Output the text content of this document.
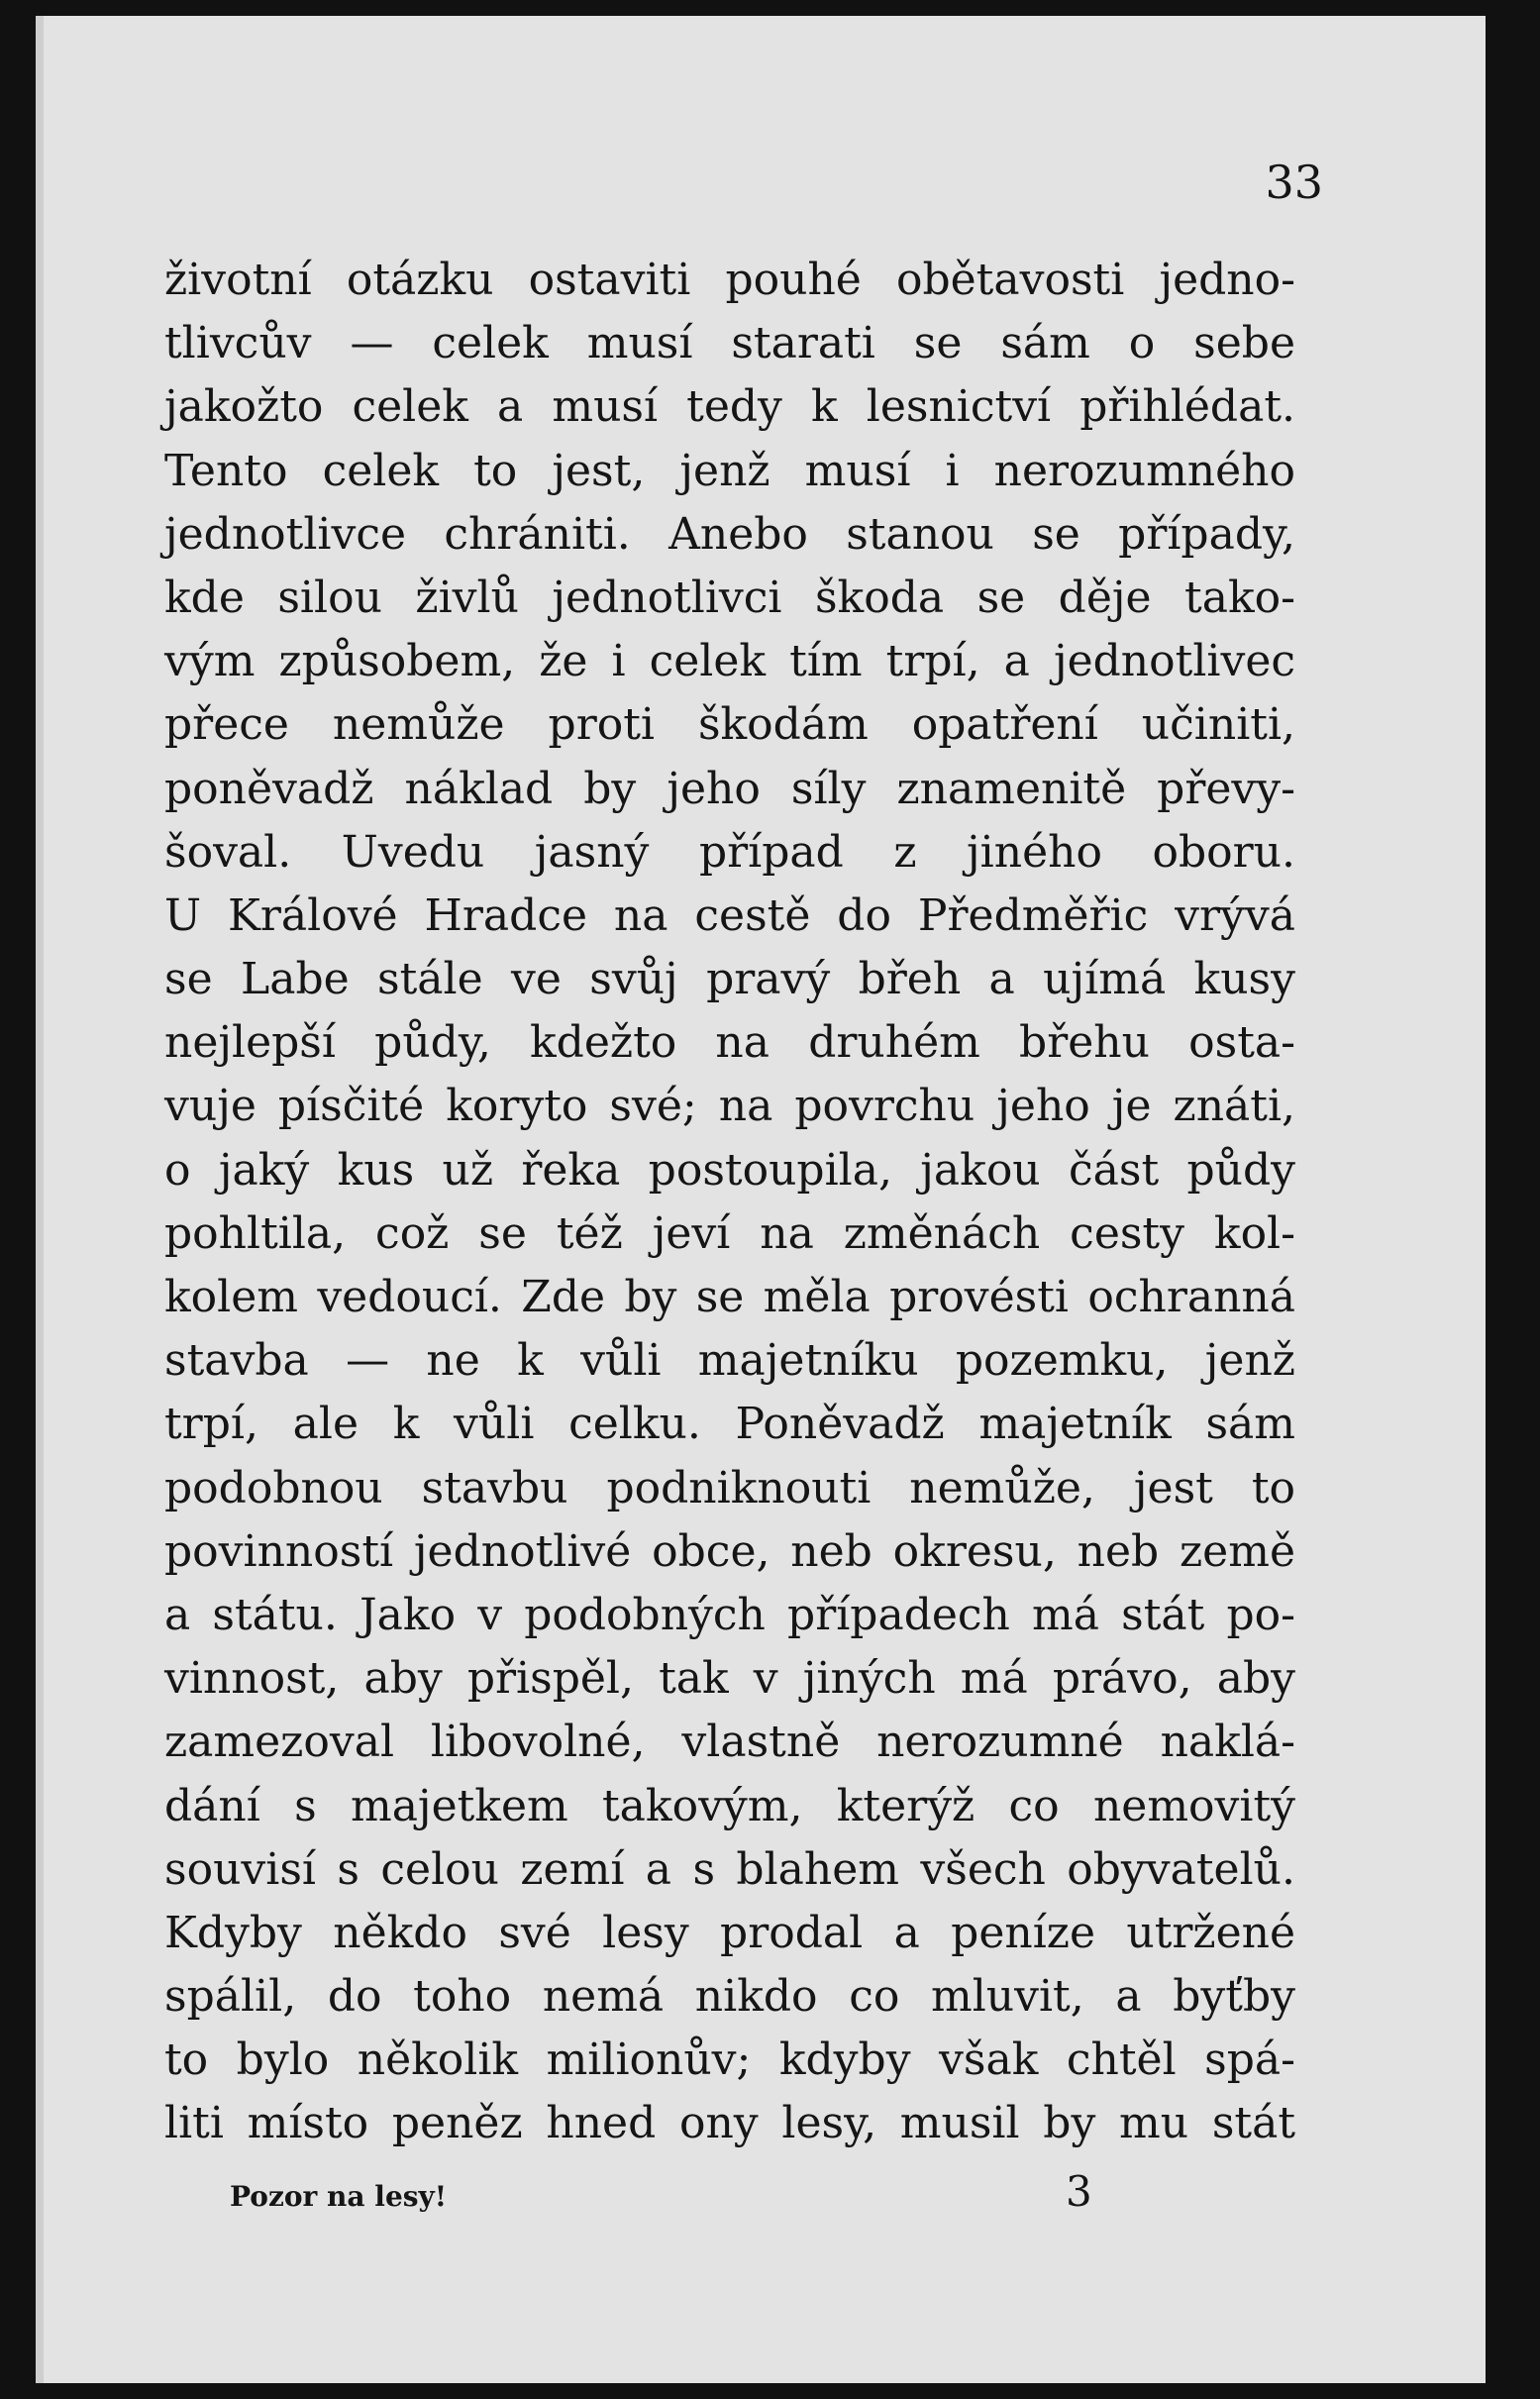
33
životní otázku ostaviti pouhé obětavosti jedno-
tlivcův — celek musí starati se sám o sebe
jakožto celek a musí tedy k lesnictví přihlédat.
Tento celek to jest, jenž musí i nerozumného
jednotlivce chrániti. Anebo stanou se případy,
kde silou živlů jednotlivci škoda se děje tako-
vým způsobem, že i celek tím trpí, a jednotlivec
přece nemůže proti škodám opatření učiniti,
poněvadž náklad by jeho síly znamenitě převy-
šoval. Uvedu jasný případ z jiného oboru.
U Králové Hradce na cestě do Předměřic vrývá
se Labe stále ve svůj pravý břeh a ujímá kusy
nejlepší půdy, kdežto na druhém břehu osta-
vuje písčité koryto své; na povrchu jeho je znáti,
o jaký kus už řeka postoupila, jakou část půdy
pohltila, což se též jeví na změnách cesty kol-
kolem vedoucí. Zde by se měla provésti ochranná
stavba — ne k vůli majetníku pozemku, jenž
trpí, ale k vůli celku. Poněvadž majetník sám
podobnou stavbu podniknouti nemůže, jest to
povinností jednotlivé obce, neb okresu, neb země
a státu. Jako v podobných případech má stát po-
vinnost, aby přispěl, tak v jiných má právo, aby
zamezoval libovolné, vlastně nerozumné naklá-
dání s majetkem takovým, kterýž co nemovitý
souvisí s celou zemí a s blahem všech obyvatelů.
Kdyby někdo své lesy prodal a peníze utržené
spálil, do toho nemá nikdo co mluvit, a byťby
to bylo několik milionův; kdyby však chtěl spá-
liti místo peněz hned ony lesy, musil by mu stát
Pozor na lesy!	3
